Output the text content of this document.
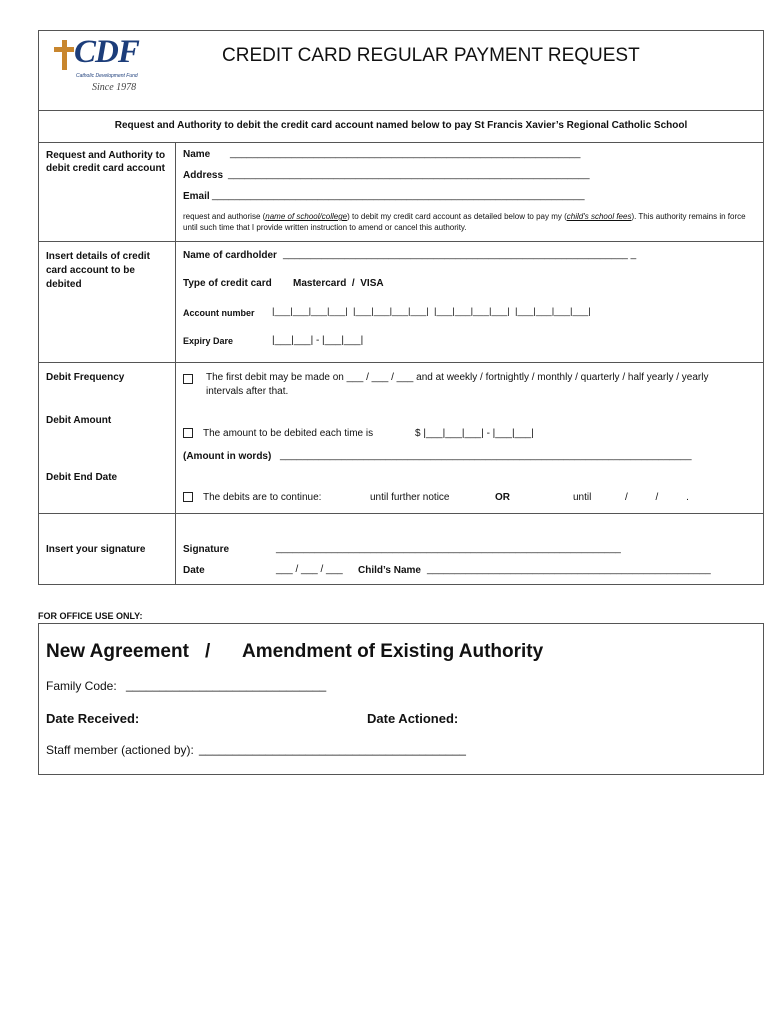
CDF
Catholic Development Fund
Since 1978
CREDIT CARD REGULAR PAYMENT REQUEST
Request and Authority to debit the credit card account named below to pay St Francis Xavier’s Regional Catholic School
Request and Authority to debit credit card account
Name _______________________________________________________________
Address _________________________________________________________________
Email ___________________________________________________________________
request and authorise (name of school/college) to debit my credit card account as detailed below to pay my (child's school fees). This authority remains in force until such time that I provide written instruction to amend or cancel this authority.
Insert details of credit card account to be debited
Name of cardholder ______________________________________________________________ _
Type of credit card Mastercard  /  VISA
Account number |___|___|___|___|  |___|___|___|___|  |___|___|___|___|  |___|___|___|___|
Expiry Dare	|___|___| - |___|___|
Debit Frequency	The first debit may be made on ___ / ___ / ___ and at weekly / fortnightly / monthly / quarterly / half yearly / yearly intervals after that.
Debit Amount
The amount to be debited each time is	$ |___|___|___| - |___|___|
(Amount in words) __________________________________________________________________________
Debit End Date
The debits are to continue:	until further notice	OR	until	/          /          .
Insert your signature	Signature	______________________________________________________________
Date	___ / ___ / ___ Child’s Name ___________________________________________________
FOR OFFICE USE ONLY:
New Agreement / Amendment of Existing Authority
Family Code: ______________________________
Date Received:	Date Actioned:
Staff member (actioned by): ________________________________________
